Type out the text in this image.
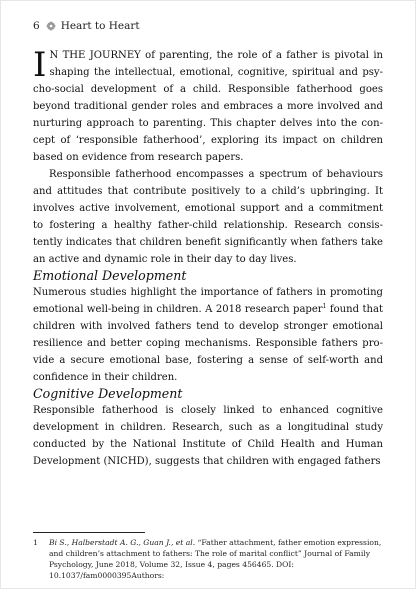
6 Heart to Heart

I N THE JOURNEY of parenting, the role of a father is pivotal in shaping the intellectual, emotional, cognitive, spiritual and psycho-social development of a child. Responsible fatherhood goes beyond traditional gender roles and embraces a more involved and nurturing approach to parenting. This chapter delves into the concept of ‘responsible fatherhood’, exploring its impact on children based on evidence from research papers.

Responsible fatherhood encompasses a spectrum of behaviours and attitudes that contribute positively to a child’s upbringing. It involves active involvement, emotional support and a commitment to fostering a healthy father-child relationship. Research consistently indicates that children benefit significantly when fathers take an active and dynamic role in their day to day lives.

Emotional Development

Numerous studies highlight the importance of fathers in promoting emotional well-being in children. A 2018 research paper$^1$ found that children with involved fathers tend to develop stronger emotional resilience and better coping mechanisms. Responsible fathers provide a secure emotional base, fostering a sense of self-worth and confidence in their children.

Cognitive Development

Responsible fatherhood is closely linked to enhanced cognitive development in children. Research, such as a longitudinal study conducted by the National Institute of Child Health and Human Development (NICHD), suggests that children with engaged fathers

1	Bi S., Halberstadt A. G., Guan J., et al. “Father attachment, father emotion expression, and children’s attachment to fathers: The role of marital conflict” Journal of Family Psychology, June 2018, Volume 32, Issue 4, pages 456465. DOI: 10.1037/fam0000395Authors:
